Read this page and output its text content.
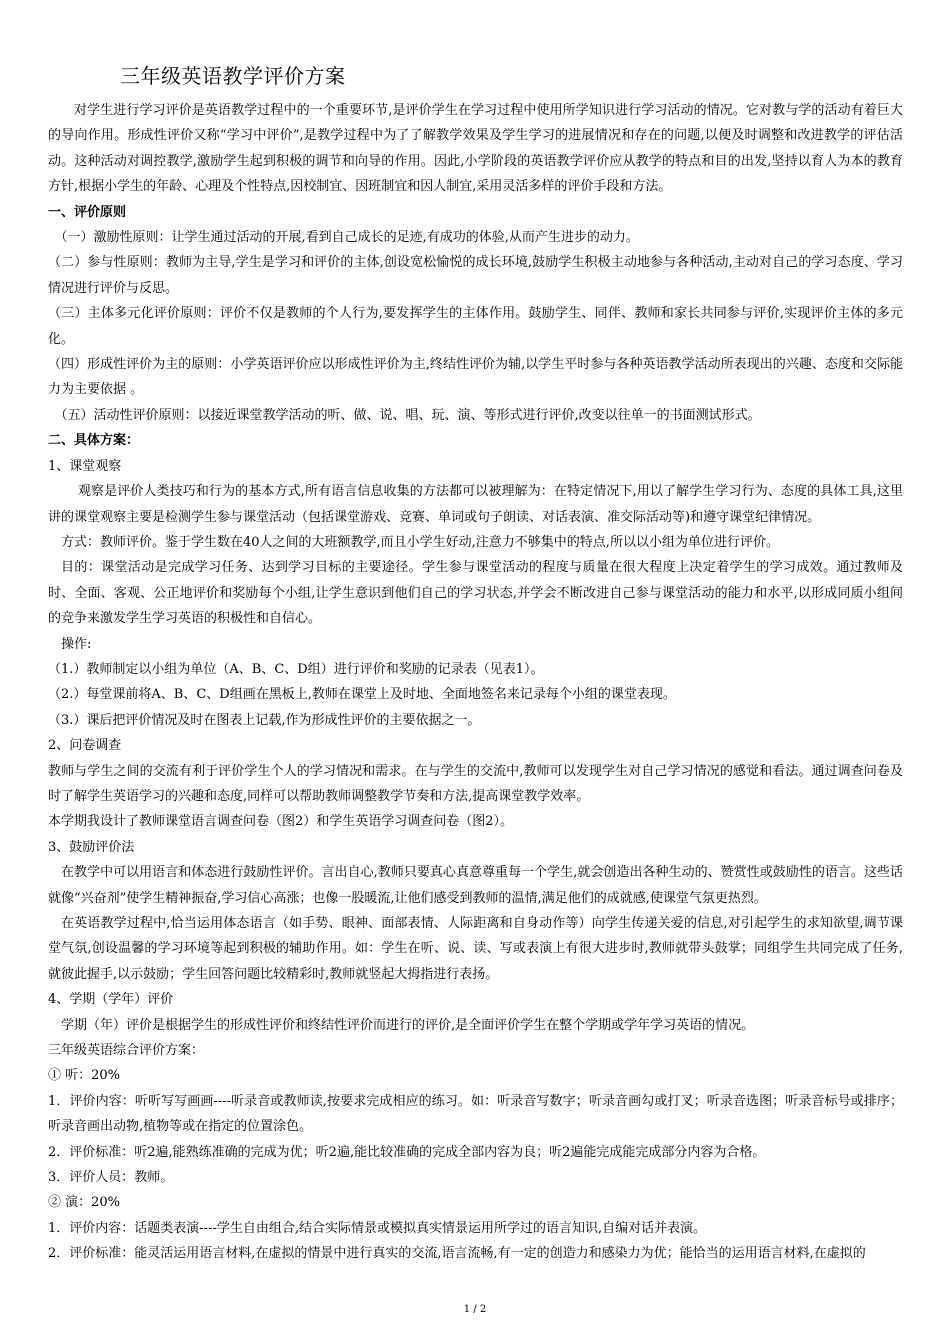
三年级英语教学评价方案

对学生进行学习评价是英语教学过程中的一个重要环节,是评价学生在学习过程中使用所学知识进行学习活动的情况。它对教与学的活动有着巨大的导向作用。形成性评价又称“学习中评价”,是教学过程中为了了解教学效果及学生学习的进展情况和存在的问题,以便及时调整和改进教学的评估活动。这种活动对调控教学,激励学生起到积极的调节和向导的作用。因此,小学阶段的英语教学评价应从教学的特点和目的出发,坚持以育人为本的教育方针,根据小学生的年龄、心理及个性特点,因校制宜、因班制宜和因人制宜,采用灵活多样的评价手段和方法。

一、评价原则

（一）激励性原则：让学生通过活动的开展,看到自己成长的足迹,有成功的体验,从而产生进步的动力。

（二）参与性原则：教师为主导,学生是学习和评价的主体,创设宽松愉悦的成长环境,鼓励学生积极主动地参与各种活动,主动对自己的学习态度、学习情况进行评价与反思。

（三）主体多元化评价原则：评价不仅是教师的个人行为,要发挥学生的主体作用。鼓励学生、同伴、教师和家长共同参与评价,实现评价主体的多元化。

（四）形成性评价为主的原则：小学英语评价应以形成性评价为主,终结性评价为辅,以学生平时参与各种英语教学活动所表现出的兴趣、态度和交际能力为主要依据 。

（五）活动性评价原则：以接近课堂教学活动的听、做、说、唱、玩、演、等形式进行评价,改变以往单一的书面测试形式。

二、具体方案：

1、课堂观察

观察是评价人类技巧和行为的基本方式,所有语言信息收集的方法都可以被理解为：在特定情况下,用以了解学生学习行为、态度的具体工具,这里讲的课堂观察主要是检测学生参与课堂活动（包括课堂游戏、竞赛、单词或句子朗读、对话表演、准交际活动等)和遵守课堂纪律情况。

方式：教师评价。鉴于学生数在40人之间的大班额教学,而且小学生好动,注意力不够集中的特点,所以以小组为单位进行评价。

目的：课堂活动是完成学习任务、达到学习目标的主要途径。学生参与课堂活动的程度与质量在很大程度上决定着学生的学习成效。通过教师及时、全面、客观、公正地评价和奖励每个小组,让学生意识到他们自己的学习状态,并学会不断改进自己参与课堂活动的能力和水平,以形成同质小组间的竞争来激发学生学习英语的积极性和自信心。

操作:

（1.）教师制定以小组为单位（A、B、C、D组）进行评价和奖励的记录表（见表1）。

（2.）每堂课前将A、B、C、D组画在黑板上,教师在课堂上及时地、全面地签名来记录每个小组的课堂表现。

（3.）课后把评价情况及时在图表上记载,作为形成性评价的主要依据之一。

2、问卷调查

教师与学生之间的交流有利于评价学生个人的学习情况和需求。在与学生的交流中,教师可以发现学生对自己学习情况的感觉和看法。通过调查问卷及时了解学生英语学习的兴趣和态度,同样可以帮助教师调整教学节奏和方法,提高课堂教学效率。

本学期我设计了教师课堂语言调查问卷（图2）和学生英语学习调查问卷（图2）。

3、鼓励评价法

在教学中可以用语言和体态进行鼓励性评价。言出自心,教师只要真心真意尊重每一个学生,就会创造出各种生动的、赞赏性或鼓励性的语言。这些话就像“兴奋剂”使学生精神振奋,学习信心高涨；也像一股暖流,让他们感受到教师的温情,满足他们的成就感,使课堂气氛更热烈。

在英语教学过程中,恰当运用体态语言（如手势、眼神、面部表情、人际距离和自身动作等）向学生传递关爱的信息,对引起学生的求知欲望,调节课堂气氛,创设温馨的学习环境等起到积极的辅助作用。如：学生在听、说、读、写或表演上有很大进步时,教师就带头鼓掌；同组学生共同完成了任务,就彼此握手,以示鼓励；学生回答问题比较精彩时,教师就竖起大拇指进行表扬。

4、学期（学年）评价

学期（年）评价是根据学生的形成性评价和终结性评价而进行的评价,是全面评价学生在整个学期或学年学习英语的情况。

三年级英语综合评价方案：

① 听：20%

1．评价内容：听听写写画画----听录音或教师读,按要求完成相应的练习。如：听录音写数字；听录音画勾或打叉；听录音选图；听录音标号或排序；听录音画出动物,植物等或在指定的位置涂色。

2．评价标准：听2遍,能熟练准确的完成为优；听2遍,能比较准确的完成全部内容为良；听2遍能完成能完成部分内容为合格。

3．评价人员：教师。

② 演：20%

1．评价内容：话题类表演----学生自由组合,结合实际情景或模拟真实情景运用所学过的语言知识,自编对话并表演。

2．评价标准：能灵活运用语言材料,在虚拟的情景中进行真实的交流,语言流畅,有一定的创造力和感染力为优；能恰当的运用语言材料,在虚拟的

1 / 2
